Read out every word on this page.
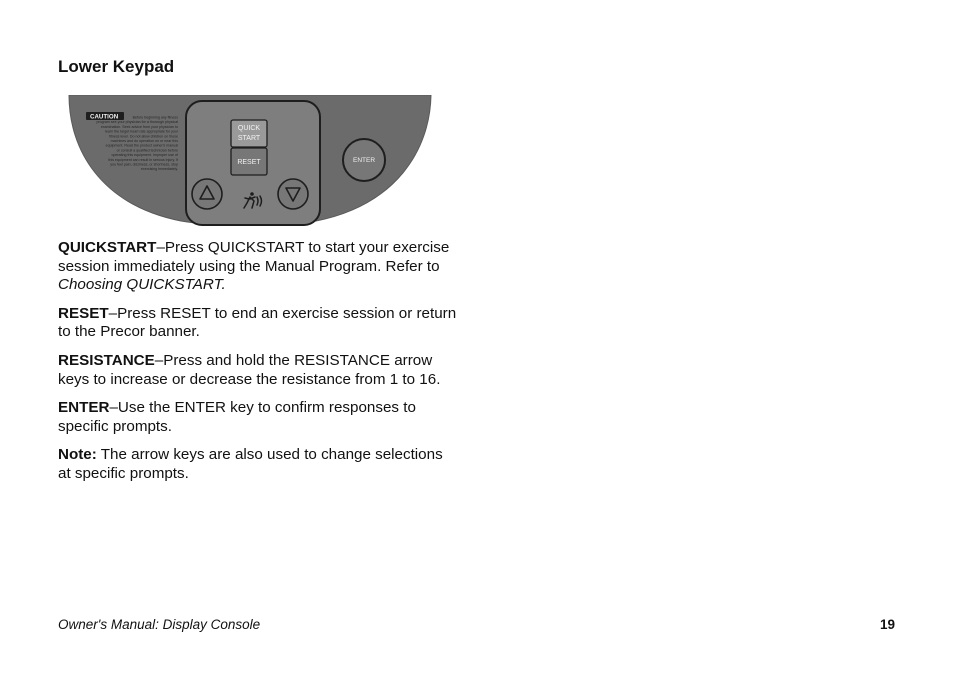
Lower Keypad
CAUTION	Before beginning any fitness
program see your physician for a thorough physical
examination. Seek advice from your physician to
learn the target heart rate appropriate for your
fitness level. Do not allow children on these
machines and do operation on or near this
equipment. Read the product owner's manual
or consult a qualified technician before
operating this equipment. Improper use of
this equipment can result in serious injury. If
you feel pain, dizziness, or shortness, stop
exercising immediately.
QUICK
START
RESET	ENTER

QUICKSTART–Press QUICKSTART to start your exercise session immediately using the Manual Program. Refer to Choosing QUICKSTART.

RESET–Press RESET to end an exercise session or return to the Precor banner.

RESISTANCE–Press and hold the RESISTANCE arrow keys to increase or decrease the resistance from 1 to 16.

ENTER–Use the ENTER key to confirm responses to specific prompts.

Note: The arrow keys are also used to change selections at specific prompts.

Owner's Manual: Display Console	19
